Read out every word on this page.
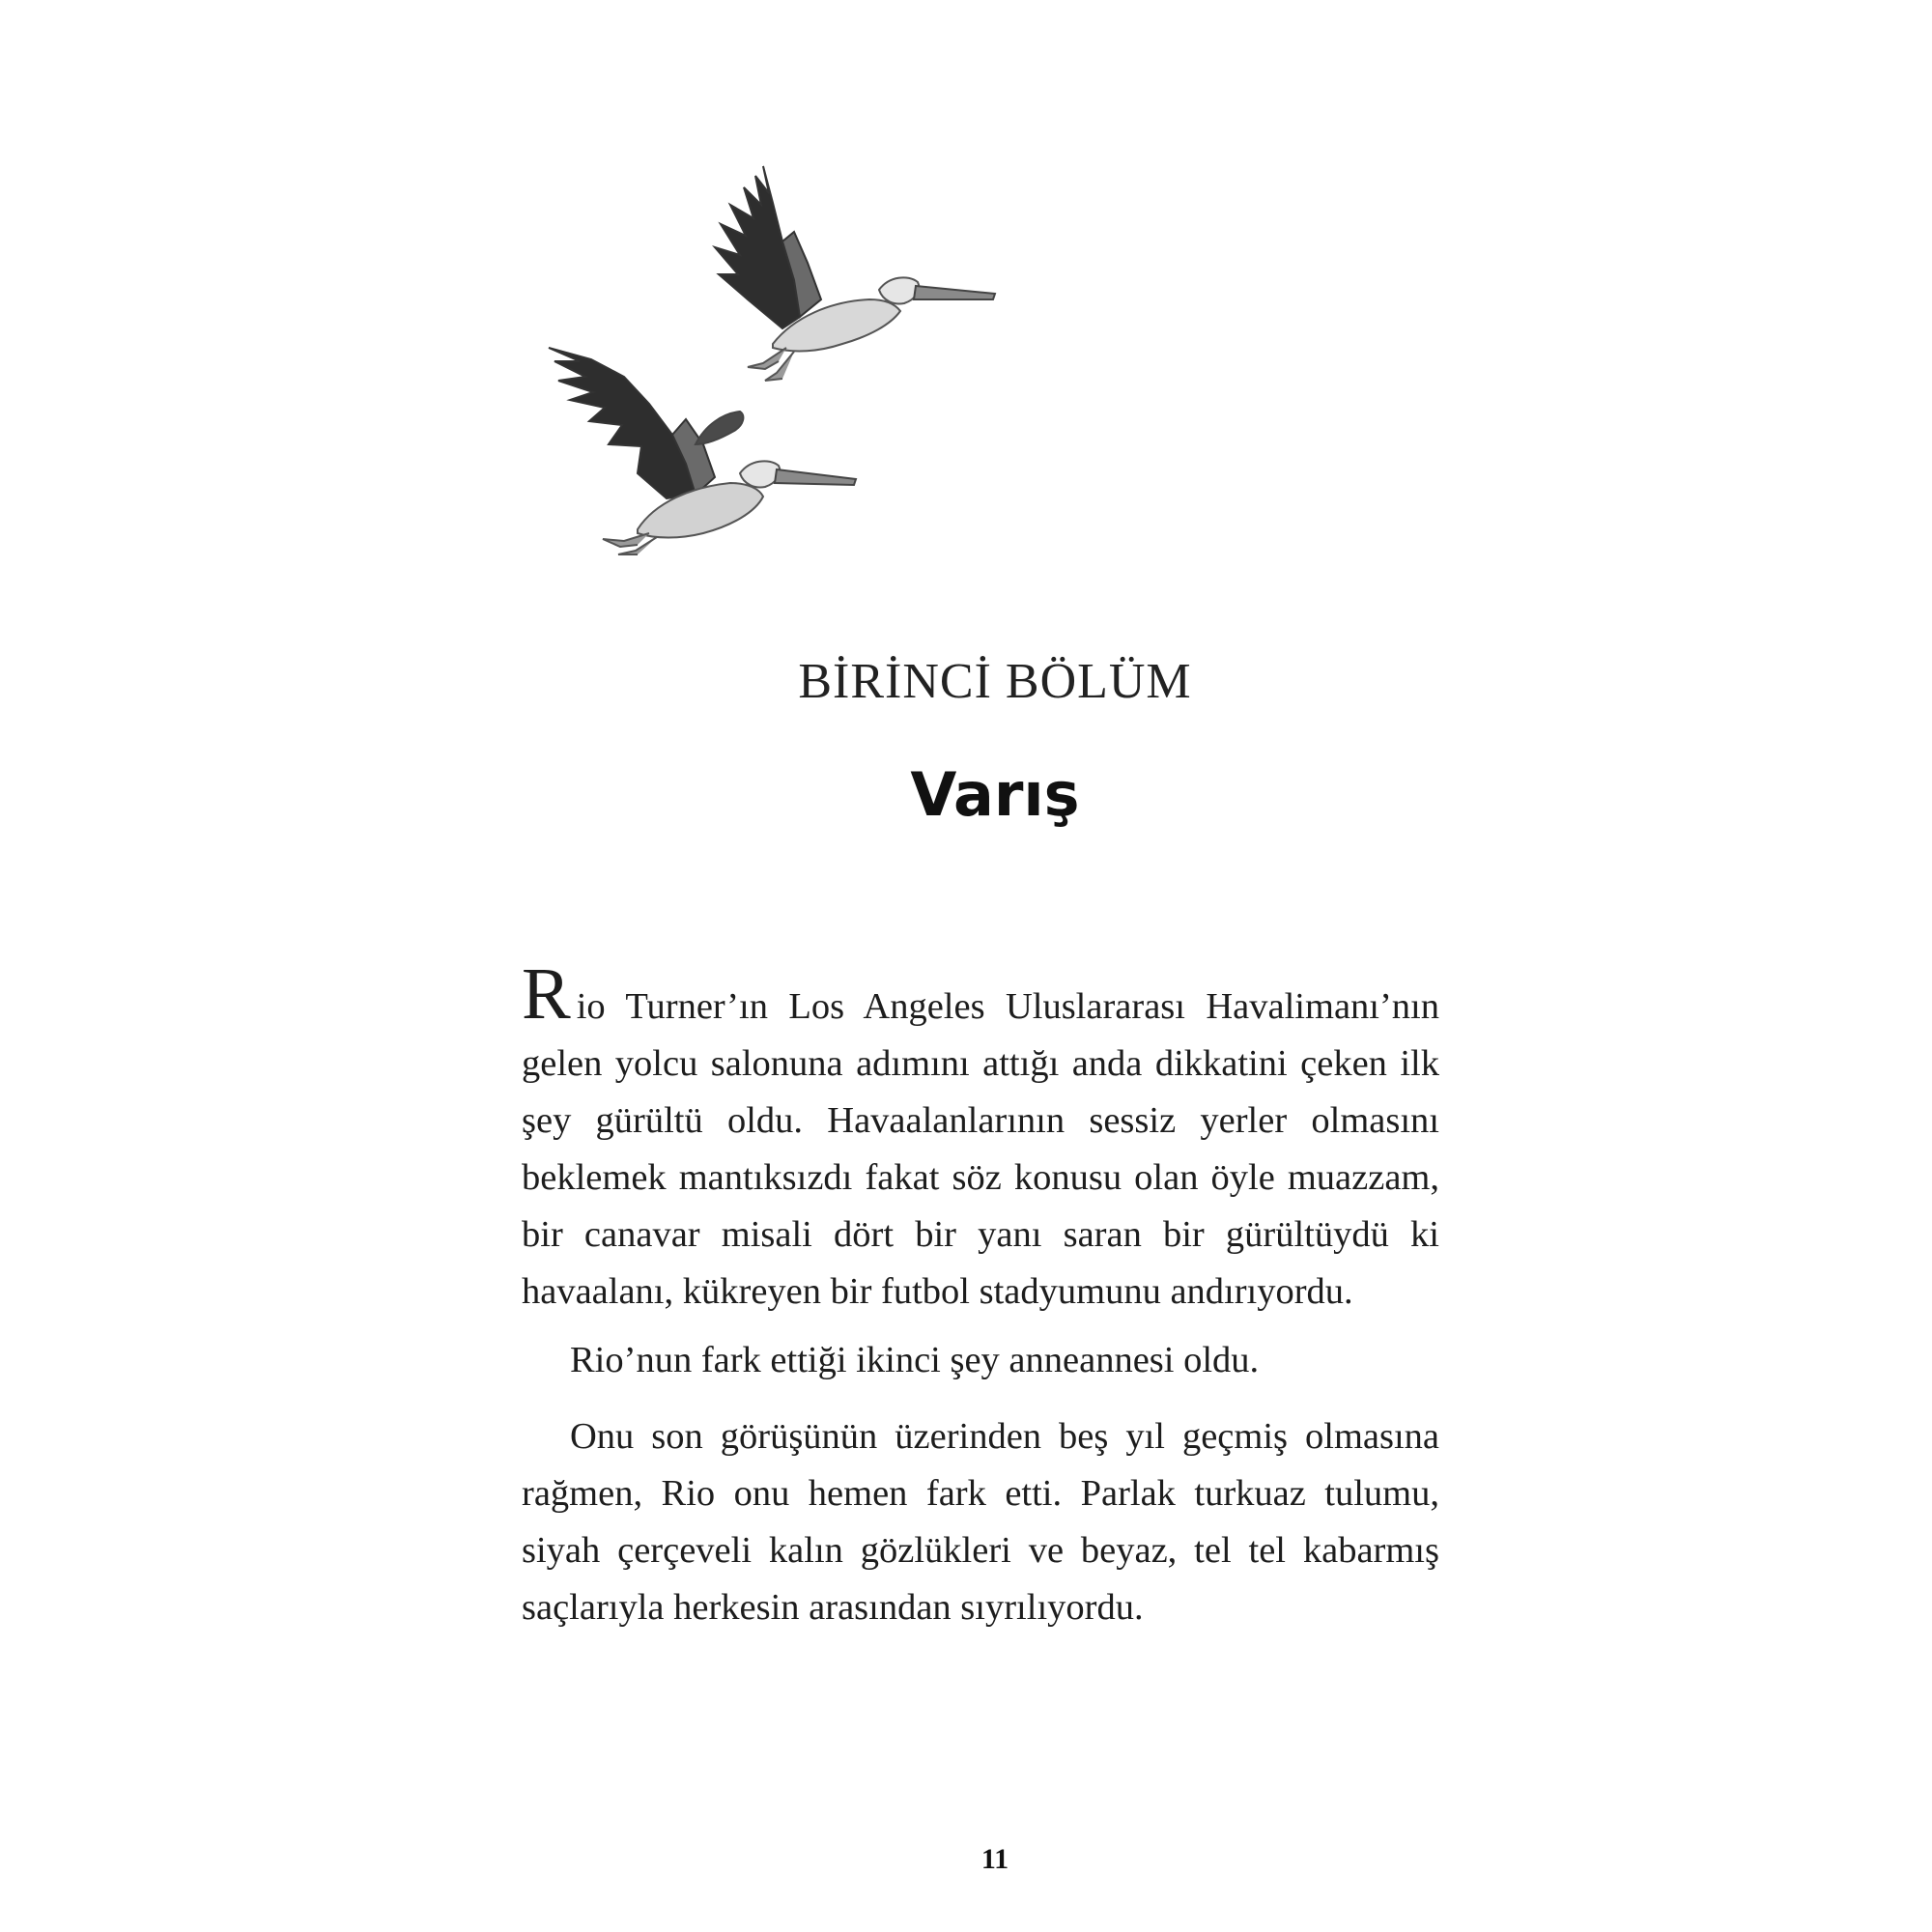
BİRİNCİ BÖLÜM
Varış

Rio Turner’ın Los Angeles Uluslararası Havalimanı’nın gelen yolcu salonuna adımını attığı anda dikkatini çeken ilk şey gürültü oldu. Havaalanlarının sessiz yerler olmasını beklemek mantıksızdı fakat söz konusu olan öyle muazzam, bir canavar misali dört bir yanı saran bir gürültüydü ki havaalanı, kükreyen bir futbol stadyumunu andırıyordu.

Rio’nun fark ettiği ikinci şey anneannesi oldu.

Onu son görüşünün üzerinden beş yıl geçmiş olmasına rağmen, Rio onu hemen fark etti. Parlak turkuaz tulumu, siyah çerçeveli kalın gözlükleri ve beyaz, tel tel kabarmış saçlarıyla herkesin arasından sıyrılıyordu.

11
